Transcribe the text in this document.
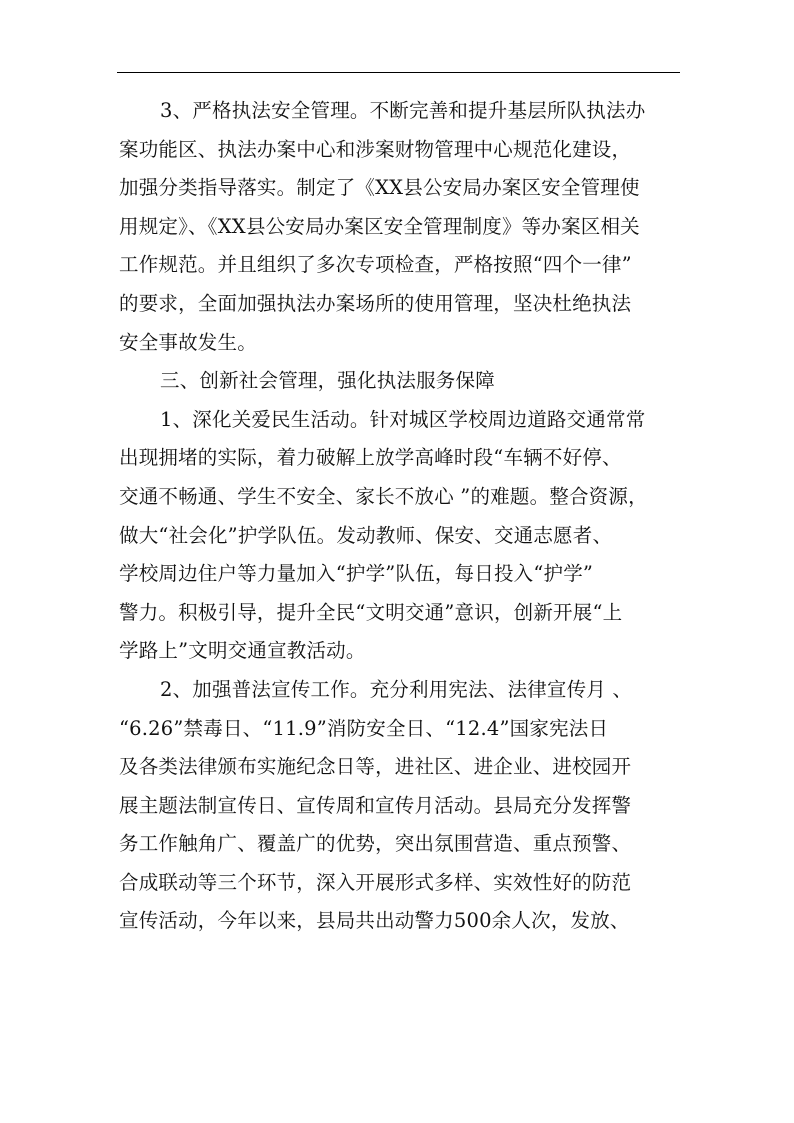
3、严格执法安全管理。不断完善和提升基层所队执法办
案功能区、执法办案中心和涉案财物管理中心规范化建设，
加强分类指导落实。制定了《XX县公安局办案区安全管理使
用规定》、《XX县公安局办案区安全管理制度》等办案区相关
工作规范。并且组织了多次专项检查，严格按照“四个一律”
的要求，全面加强执法办案场所的使用管理，坚决杜绝执法
安全事故发生。
三、创新社会管理，强化执法服务保障
1、深化关爱民生活动。针对城区学校周边道路交通常常
出现拥堵的实际，着力破解上放学高峰时段“车辆不好停、
交通不畅通、学生不安全、家长不放心 ”的难题。整合资源，
做大“社会化”护学队伍。发动教师、保安、交通志愿者、
学校周边住户等力量加入“护学”队伍，每日投入“护学”
警力。积极引导，提升全民“文明交通”意识，创新开展“上
学路上”文明交通宣教活动。
2、加强普法宣传工作。充分利用宪法、法律宣传月 、
“6.26”禁毒日、“11.9”消防安全日、“12.4”国家宪法日
及各类法律颁布实施纪念日等，进社区、进企业、进校园开
展主题法制宣传日、宣传周和宣传月活动。县局充分发挥警
务工作触角广、覆盖广的优势，突出氛围营造、重点预警、
合成联动等三个环节，深入开展形式多样、实效性好的防范
宣传活动，今年以来，县局共出动警力500余人次，发放、
